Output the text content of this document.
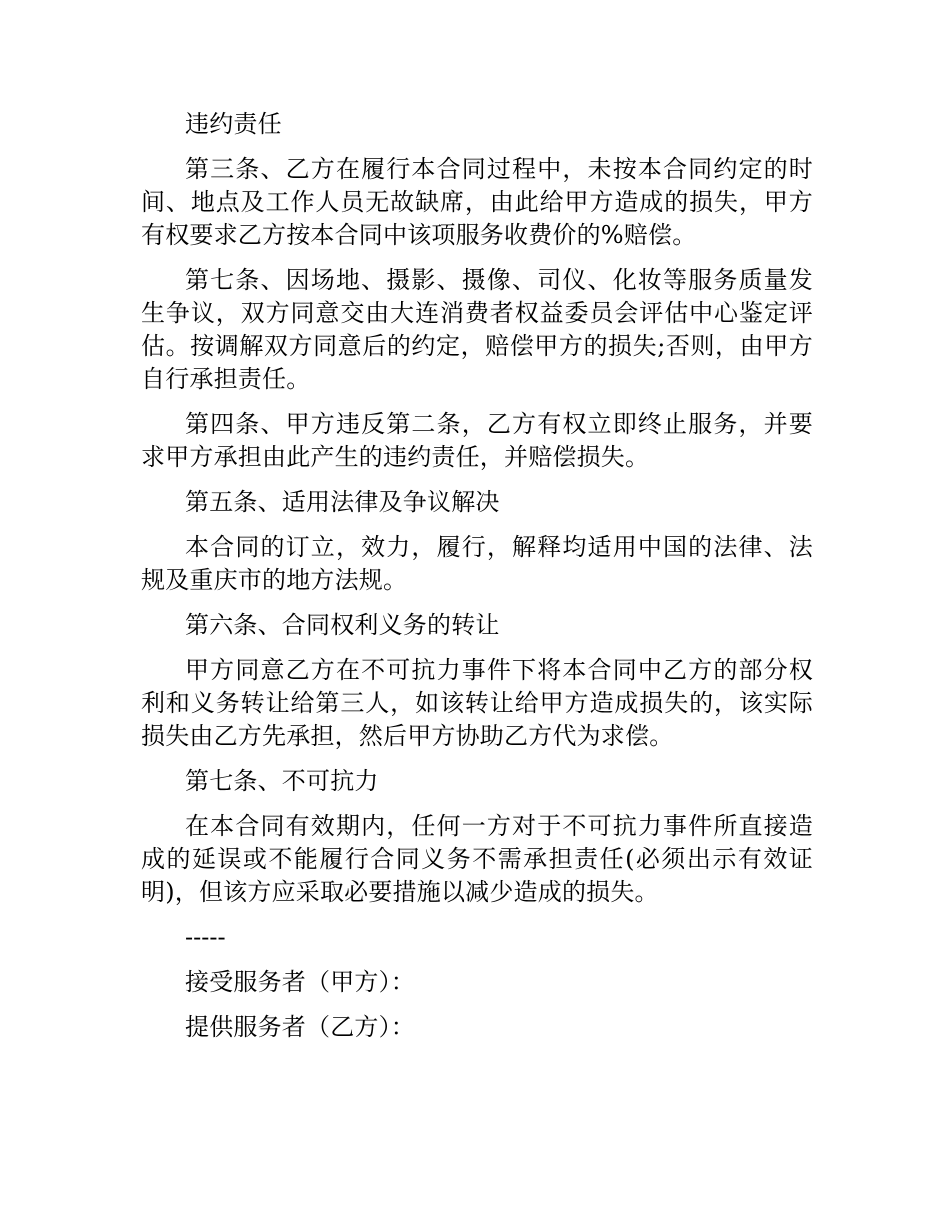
违约责任

第三条、乙方在履行本合同过程中，未按本合同约定的时间、地点及工作人员无故缺席，由此给甲方造成的损失，甲方有权要求乙方按本合同中该项服务收费价的%赔偿。

第七条、因场地、摄影、摄像、司仪、化妆等服务质量发生争议，双方同意交由大连消费者权益委员会评估中心鉴定评估。按调解双方同意后的约定，赔偿甲方的损失;否则，由甲方自行承担责任。

第四条、甲方违反第二条，乙方有权立即终止服务，并要求甲方承担由此产生的违约责任，并赔偿损失。

第五条、适用法律及争议解决

本合同的订立，效力，履行，解释均适用中国的法律、法规及重庆市的地方法规。

第六条、合同权利义务的转让

甲方同意乙方在不可抗力事件下将本合同中乙方的部分权利和义务转让给第三人，如该转让给甲方造成损失的，该实际损失由乙方先承担，然后甲方协助乙方代为求偿。

第七条、不可抗力

在本合同有效期内，任何一方对于不可抗力事件所直接造成的延误或不能履行合同义务不需承担责任(必须出示有效证明)，但该方应采取必要措施以减少造成的损失。

-----

接受服务者（甲方）：

提供服务者（乙方）：
